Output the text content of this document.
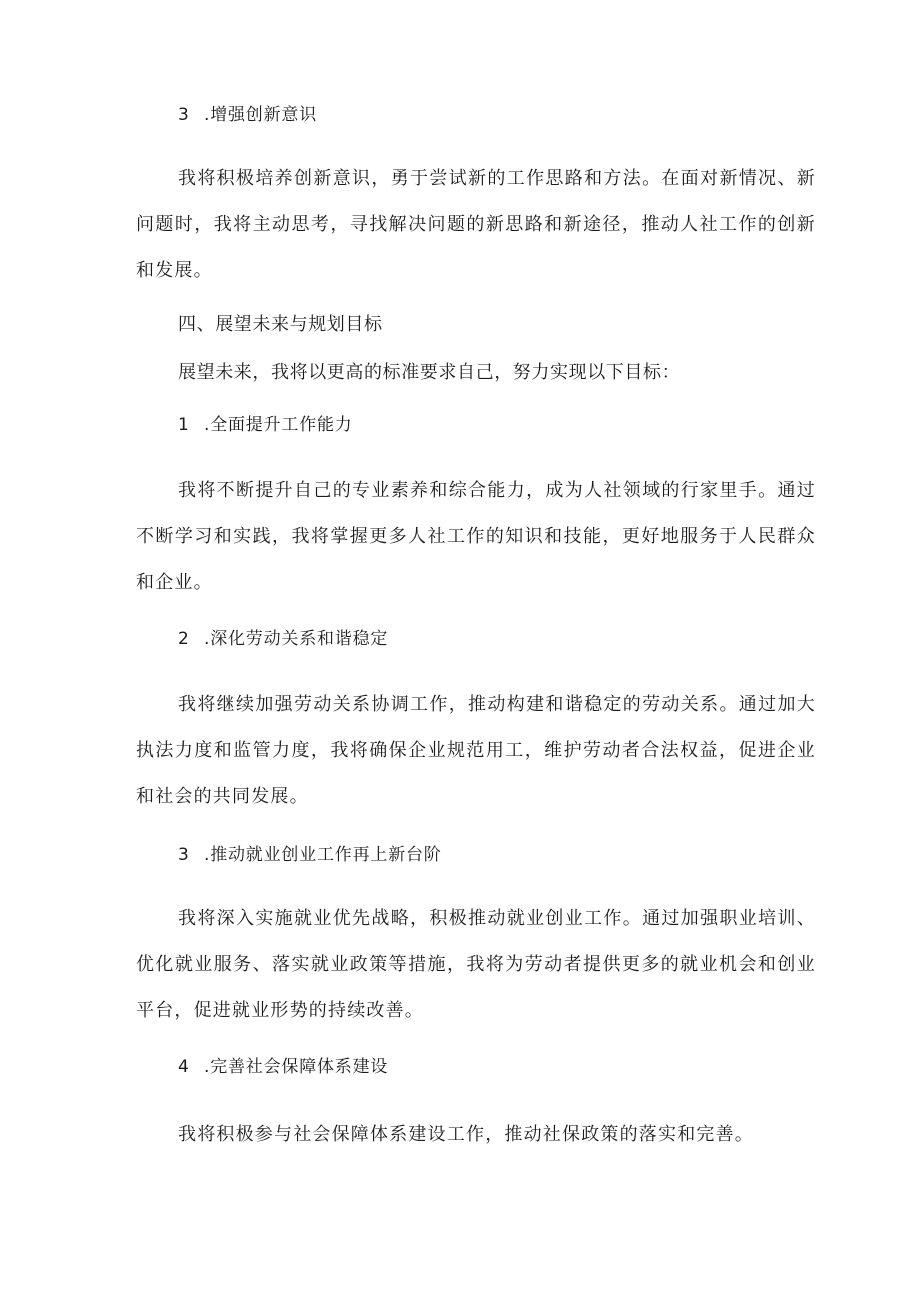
3 .增强创新意识
我将积极培养创新意识，勇于尝试新的工作思路和方法。在面对新情况、新问题时，我将主动思考，寻找解决问题的新思路和新途径，推动人社工作的创新和发展。
四、展望未来与规划目标
展望未来，我将以更高的标准要求自己，努力实现以下目标：
1 .全面提升工作能力
我将不断提升自己的专业素养和综合能力，成为人社领域的行家里手。通过不断学习和实践，我将掌握更多人社工作的知识和技能，更好地服务于人民群众和企业。
2 .深化劳动关系和谐稳定
我将继续加强劳动关系协调工作，推动构建和谐稳定的劳动关系。通过加大执法力度和监管力度，我将确保企业规范用工，维护劳动者合法权益，促进企业和社会的共同发展。
3 .推动就业创业工作再上新台阶
我将深入实施就业优先战略，积极推动就业创业工作。通过加强职业培训、优化就业服务、落实就业政策等措施，我将为劳动者提供更多的就业机会和创业平台，促进就业形势的持续改善。
4 .完善社会保障体系建设
我将积极参与社会保障体系建设工作，推动社保政策的落实和完善。
